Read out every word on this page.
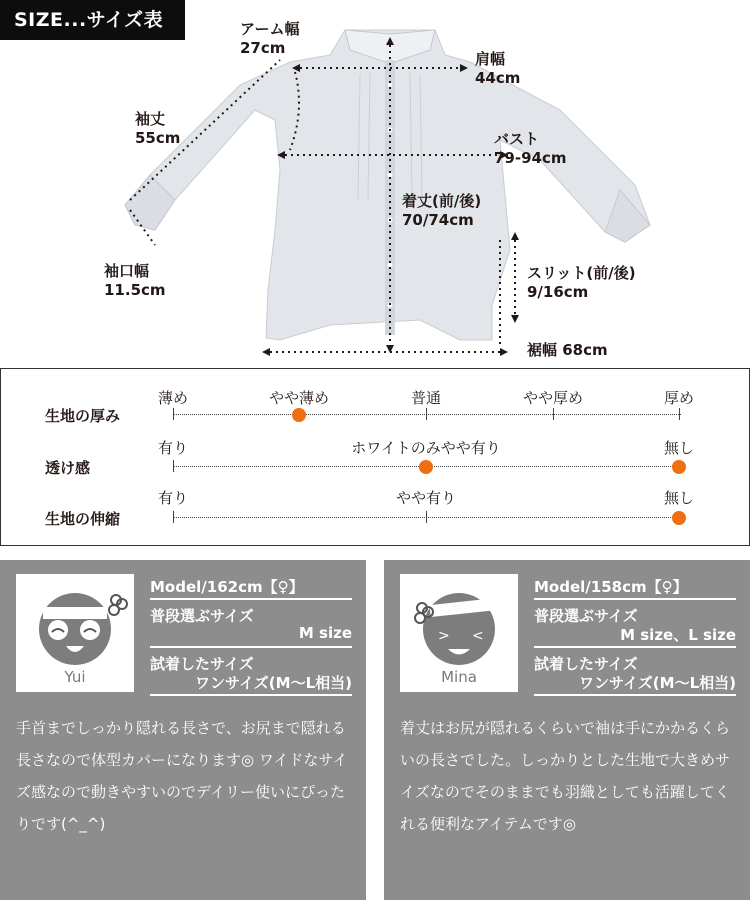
SIZE...サイズ表	アーム幅
27cm
肩幅
44cm
袖丈
55cm	バスト
79-94cm
着丈(前/後)
70/74cm
袖口幅
11.5cm
スリット(前/後)
9/16cm
裾幅 68cm
生地の厚み
薄め	やや薄め	普通	やや厚め	厚め
透け感
有り	ホワイトのみやや有り	無し
生地の伸縮
有り	やや有り	無し
Yui
Model/162cm【♀】
普段選ぶサイズ
M size
試着したサイズ
ワンサイズ(M〜L相当)
手首までしっかり隠れる長さで、お尻まで隠れる長さなので体型カバーになります◎ ワイドなサイズ感なので動きやすいのでデイリー使いにぴったりです(^_^)
> <
Mina
Model/158cm【♀】
普段選ぶサイズ
M size、L size
試着したサイズ
ワンサイズ(M〜L相当)
着丈はお尻が隠れるくらいで袖は手にかかるくらいの長さでした。しっかりとした生地で大きめサイズなのでそのままでも羽織としても活躍してくれる便利なアイテムです◎
